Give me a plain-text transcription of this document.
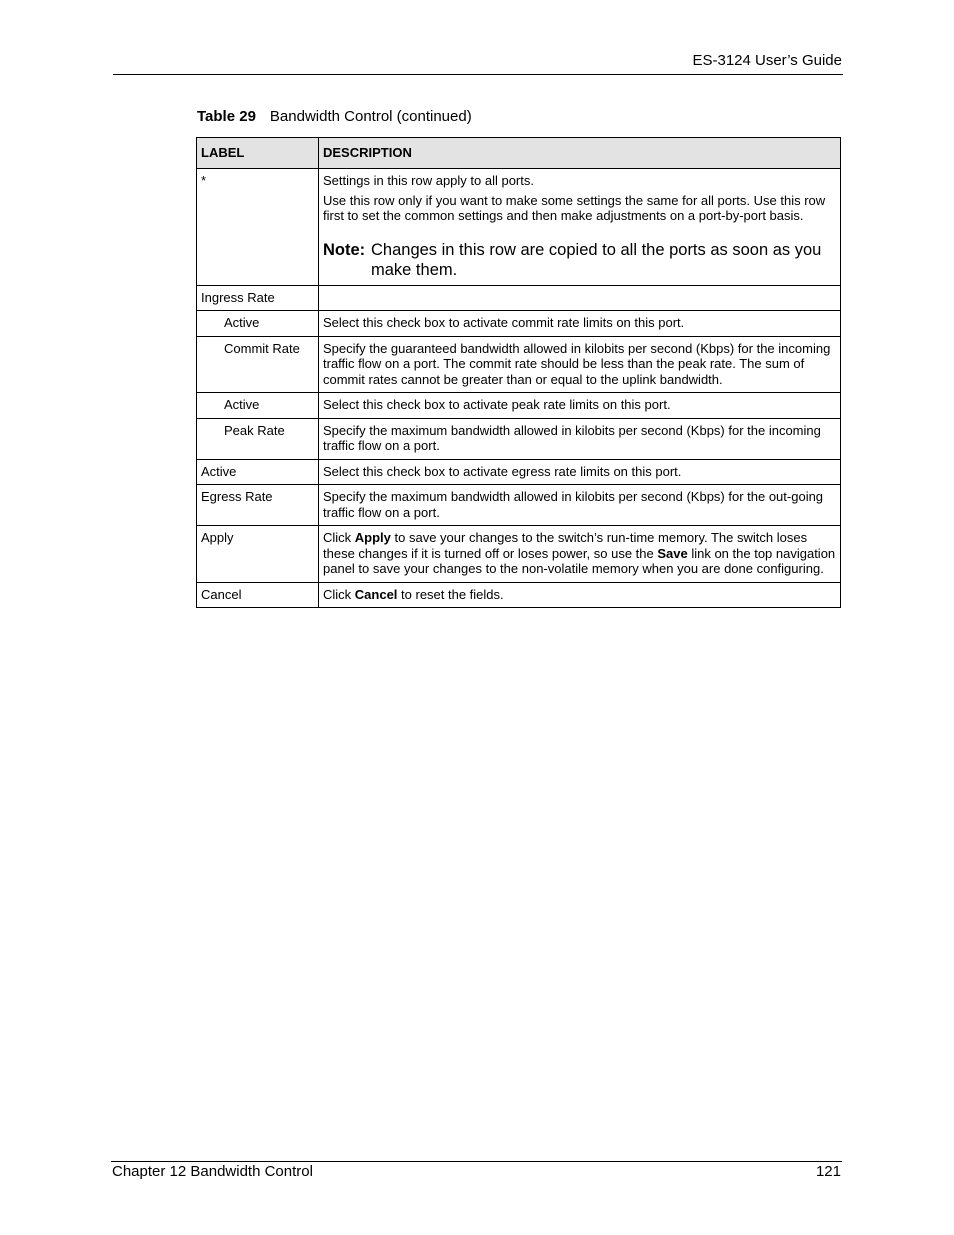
ES-3124 User’s Guide
Table 29 Bandwidth Control (continued)
LABEL	DESCRIPTION
*	Settings in this row apply to all ports.

Use this row only if you want to make some settings the same for all ports. Use this row first to set the common settings and then make adjustments on a port-by-port basis.

Note: Changes in this row are copied to all the ports as soon as you make them.

Ingress Rate	
Active	Select this check box to activate commit rate limits on this port.
Commit Rate	Specify the guaranteed bandwidth allowed in kilobits per second (Kbps) for the incoming traffic flow on a port. The commit rate should be less than the peak rate. The sum of commit rates cannot be greater than or equal to the uplink bandwidth.
Active	Select this check box to activate peak rate limits on this port.
Peak Rate	Specify the maximum bandwidth allowed in kilobits per second (Kbps) for the incoming traffic flow on a port.
Active	Select this check box to activate egress rate limits on this port.
Egress Rate	Specify the maximum bandwidth allowed in kilobits per second (Kbps) for the out-going traffic flow on a port.
Apply	Click Apply to save your changes to the switch’s run-time memory. The switch loses these changes if it is turned off or loses power, so use the Save link on the top navigation panel to save your changes to the non-volatile memory when you are done configuring.
Cancel	Click Cancel to reset the fields.
Chapter 12 Bandwidth Control	121
